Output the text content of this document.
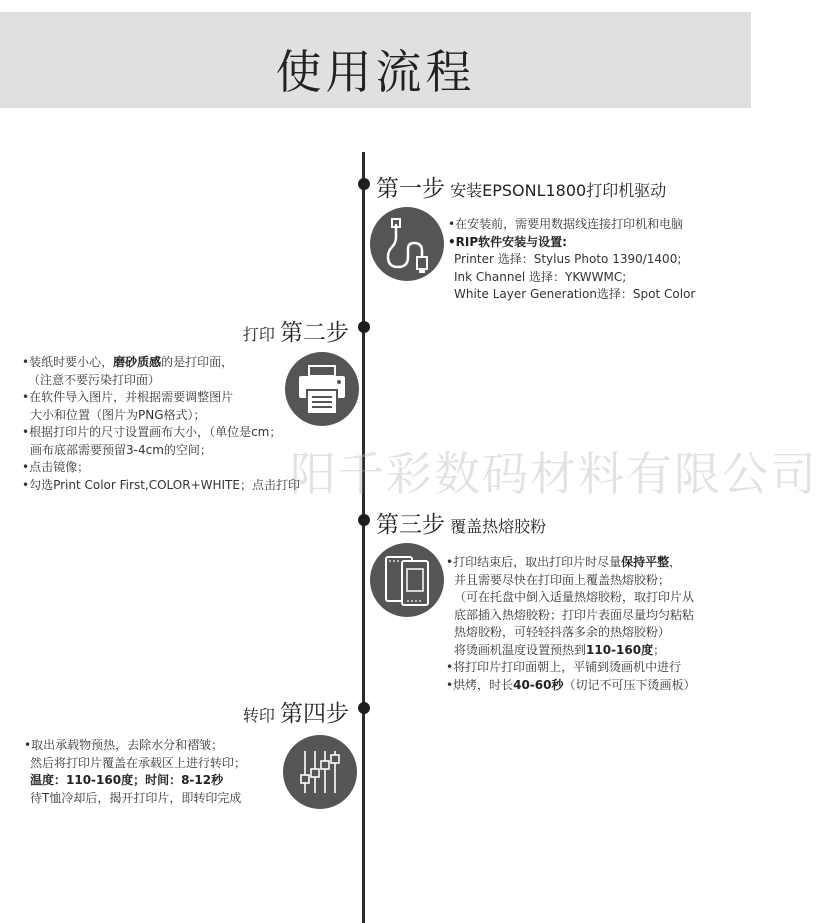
使用流程
阳千彩数码材料有限公司
第一步 安装EPSONL1800打印机驱动
•在安装前，需要用数据线连接打印机和电脑
•RIP软件安装与设置:
Printer 选择：Stylus Photo 1390/1400;
Ink Channel 选择：YKWWMC;
White Layer Generation选择：Spot Color
打印 第二步
•装纸时要小心，磨砂质感的是打印面，
（注意不要污染打印面）
•在软件导入图片，并根据需要调整图片
大小和位置（图片为PNG格式）；
•根据打印片的尺寸设置画布大小，（单位是cm；
画布底部需要预留3-4cm的空间；
•点击镜像；
•勾选Print Color First,COLOR+WHITE；点击打印
第三步 覆盖热熔胶粉
•打印结束后，取出打印片时尽量保持平整，
并且需要尽快在打印面上覆盖热熔胶粉；
（可在托盘中倒入适量热熔胶粉，取打印片从
底部插入热熔胶粉；打印片表面尽量均匀粘粘
热熔胶粉，可轻轻抖落多余的热熔胶粉）
将烫画机温度设置预热到110-160度；
•将打印片打印面朝上，平铺到烫画机中进行
•烘烤，时长40-60秒（切记不可压下烫画板）
转印 第四步
•取出承载物预热，去除水分和褶皱；
然后将打印片覆盖在承载区上进行转印；
温度：110-160度；时间：8-12秒
待T恤冷却后，揭开打印片，即转印完成
